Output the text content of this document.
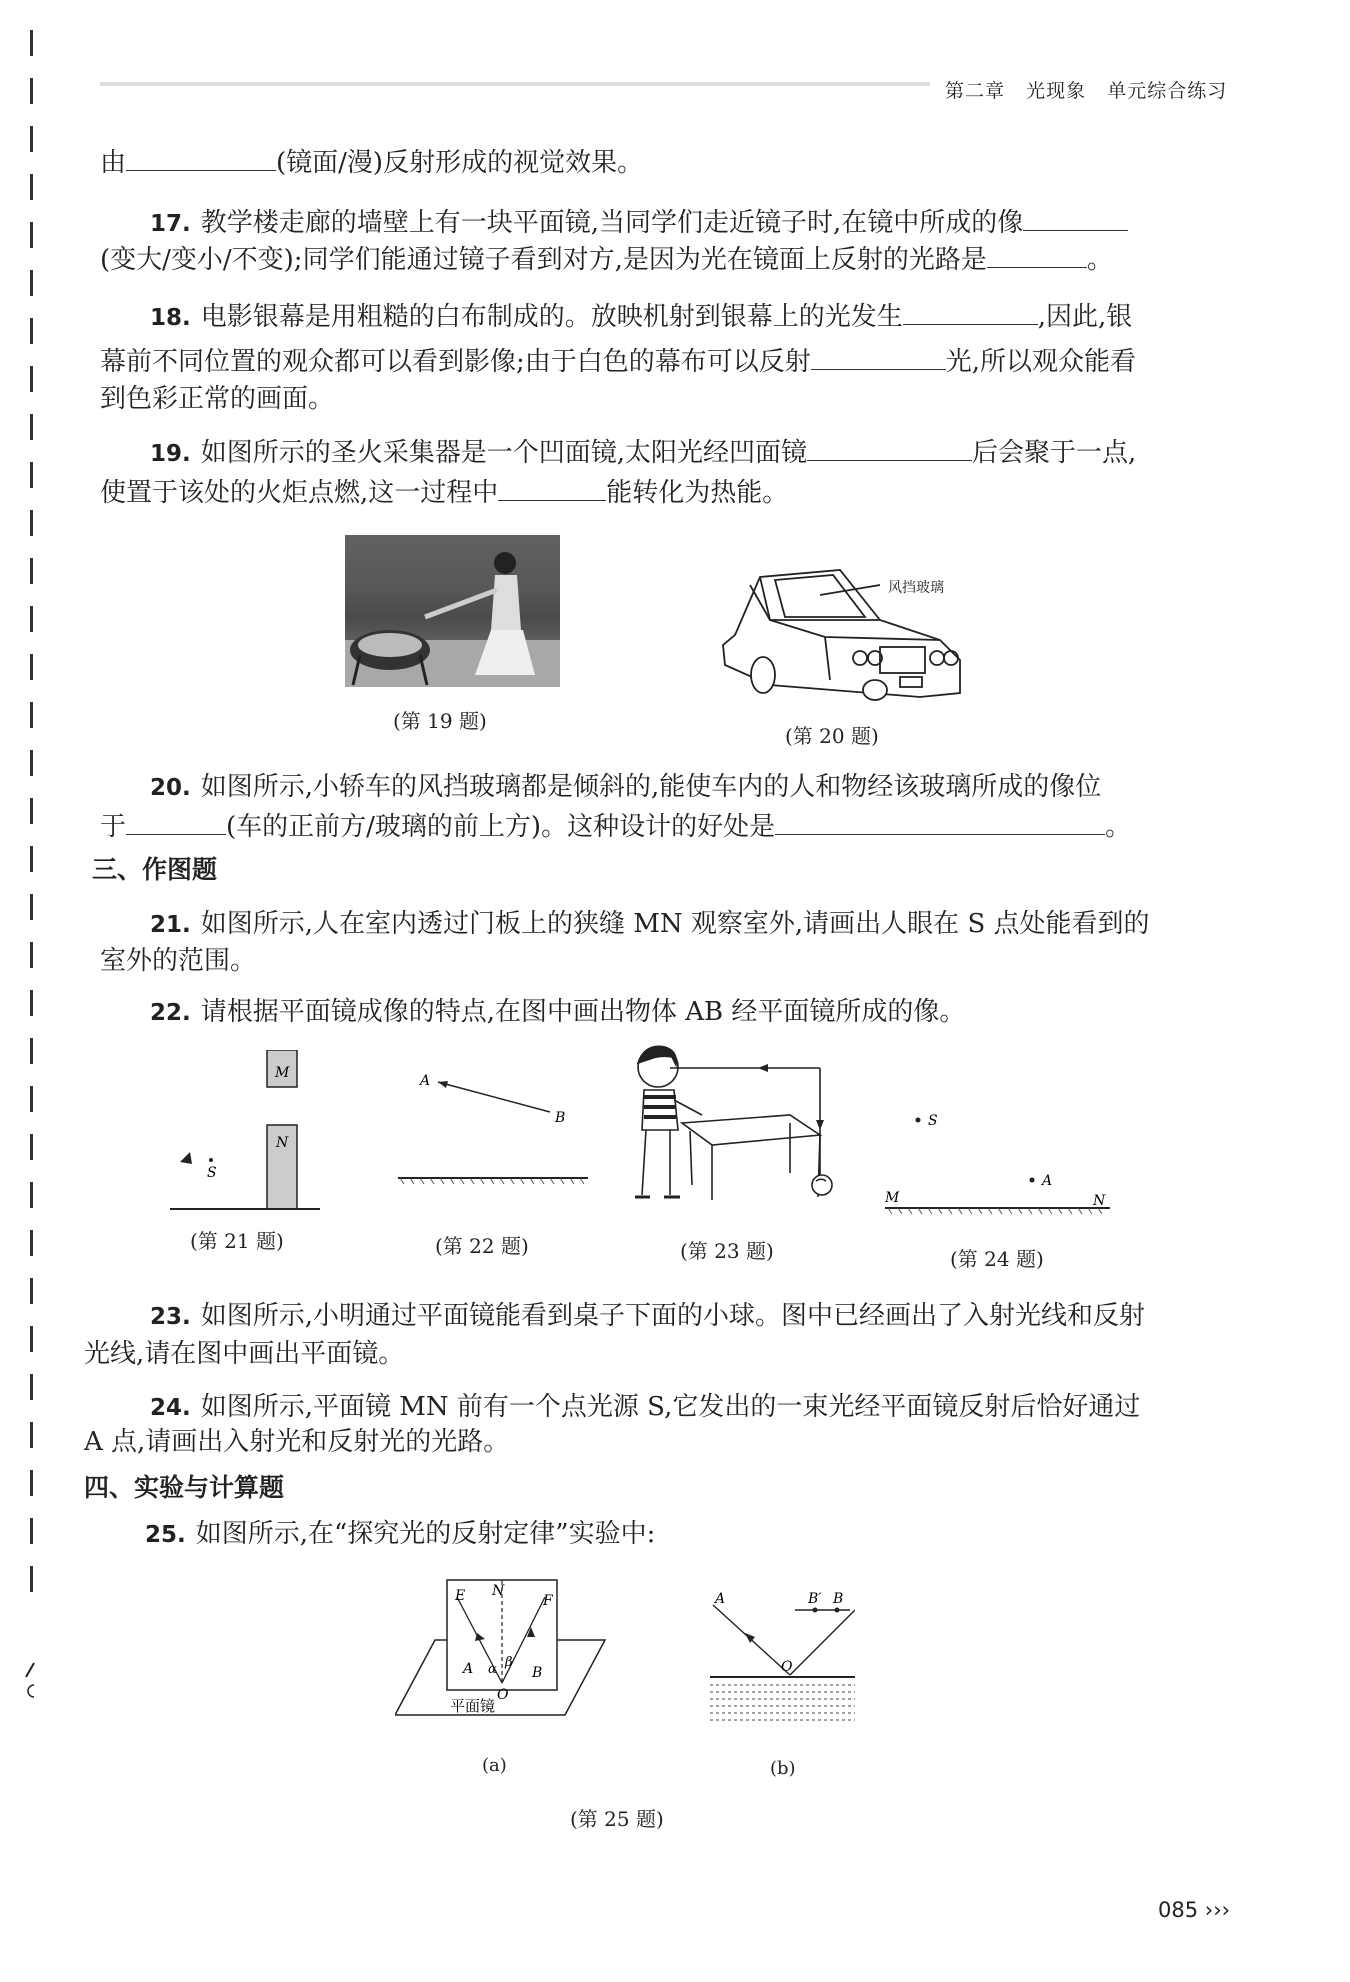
第二章 光现象 单元综合练习
由	(镜面/漫)反射形成的视觉效果。
17. 教学楼走廊的墙壁上有一块平面镜,当同学们走近镜子时,在镜中所成的像
(变大/变小/不变);同学们能通过镜子看到对方,是因为光在镜面上反射的光路是	。
18. 电影银幕是用粗糙的白布制成的。放映机射到银幕上的光发生	,因此,银
幕前不同位置的观众都可以看到影像;由于白色的幕布可以反射	光,所以观众能看
到色彩正常的画面。
19. 如图所示的圣火采集器是一个凹面镜,太阳光经凹面镜	后会聚于一点,
使置于该处的火炬点燃,这一过程中	能转化为热能。
(第 19 题)
风挡玻璃
(第 20 题)
20. 如图所示,小轿车的风挡玻璃都是倾斜的,能使车内的人和物经该玻璃所成的像位
于	(车的正前方/玻璃的前上方)。这种设计的好处是	。
三、作图题
21. 如图所示,人在室内透过门板上的狭缝 MN 观察室外,请画出人眼在 S 点处能看到的
室外的范围。
22. 请根据平面镜成像的特点,在图中画出物体 AB 经平面镜所成的像。
M
N
S
(第 21 题)
A
B
(第 22 题)	(第 23 题)
S
A
M	N
(第 24 题)
23. 如图所示,小明通过平面镜能看到桌子下面的小球。图中已经画出了入射光线和反射
光线,请在图中画出平面镜。
24. 如图所示,平面镜 MN 前有一个点光源 S,它发出的一束光经平面镜反射后恰好通过
A 点,请画出入射光和反射光的光路。
四、实验与计算题
25. 如图所示,在“探究光的反射定律”实验中:
E N
F
A α β
B
O
平面镜
(a)
A	B′ B
O
(b)
(第 25 题)
085 ›››
